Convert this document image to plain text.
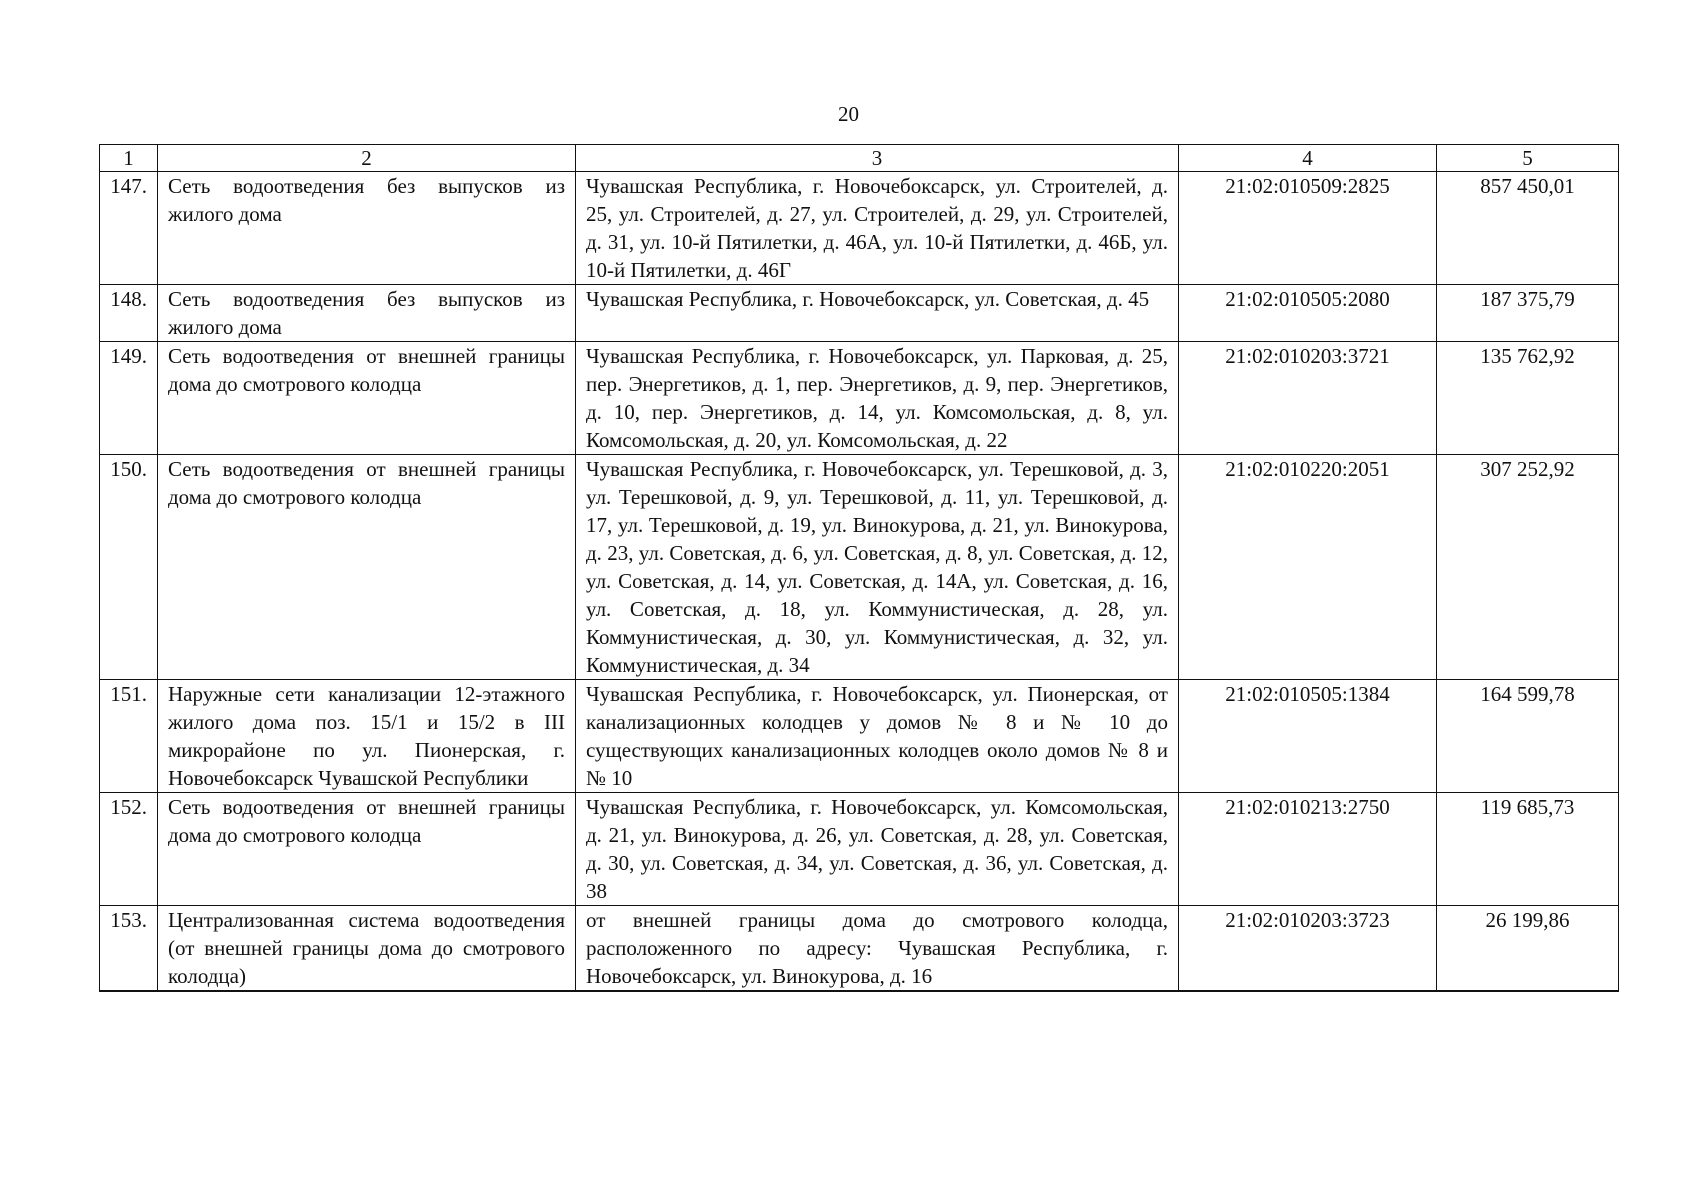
20
1	2	3	4	5
147.	Сеть водоотведения без выпусков из жилого дома	Чувашская Республика, г. Новочебоксарск, ул. Строителей, д. 25, ул. Строителей, д. 27, ул. Строителей, д. 29, ул. Строителей, д. 31, ул. 10-й Пятилетки, д. 46А, ул. 10-й Пятилетки, д. 46Б, ул. 10-й Пятилетки, д. 46Г	21:02:010509:2825	857 450,01
148.	Сеть водоотведения без выпусков из жилого дома	Чувашская Республика, г. Новочебоксарск, ул. Советская, д. 45	21:02:010505:2080	187 375,79
149.	Сеть водоотведения от внешней границы дома до смотрового колодца	Чувашская Республика, г. Новочебоксарск, ул. Парковая, д. 25, пер. Энергетиков, д. 1, пер. Энергетиков, д. 9, пер. Энергетиков, д. 10, пер. Энергетиков, д. 14, ул. Комсомольская, д. 8, ул. Комсомольская, д. 20, ул. Комсомольская, д. 22	21:02:010203:3721	135 762,92
150.	Сеть водоотведения от внешней границы дома до смотрового колодца	Чувашская Республика, г. Новочебоксарск, ул. Терешковой, д. 3, ул. Терешковой, д. 9, ул. Терешковой, д. 11, ул. Терешковой, д. 17, ул. Терешковой, д. 19, ул. Винокурова, д. 21, ул. Винокурова, д. 23, ул. Советская, д. 6, ул. Советская, д. 8, ул. Советская, д. 12, ул. Советская, д. 14, ул. Советская, д. 14А, ул. Советская, д. 16, ул. Советская, д. 18, ул. Коммунистическая, д. 28, ул. Коммунистическая, д. 30, ул. Коммунистическая, д. 32, ул. Коммунистическая, д. 34	21:02:010220:2051	307 252,92
151.	Наружные сети канализации 12-этажного жилого дома поз. 15/1 и 15/2 в III микрорайоне по ул. Пионерская, г. Новочебоксарск Чувашской Республики	Чувашская Республика, г. Новочебоксарск, ул. Пионерская, от канализационных колодцев у домов № 8 и № 10 до существующих канализационных колодцев около домов № 8 и № 10	21:02:010505:1384	164 599,78
152.	Сеть водоотведения от внешней границы дома до смотрового колодца	Чувашская Республика, г. Новочебоксарск, ул. Комсомольская, д. 21, ул. Винокурова, д. 26, ул. Советская, д. 28, ул. Советская, д. 30, ул. Советская, д. 34, ул. Советская, д. 36, ул. Советская, д. 38	21:02:010213:2750	119 685,73
153.	Централизованная система водоотведения (от внешней границы дома до смотрового колодца)	от внешней границы дома до смотрового колодца, расположенного по адресу: Чувашская Республика, г. Новочебоксарск, ул. Винокурова, д. 16	21:02:010203:3723	26 199,86
